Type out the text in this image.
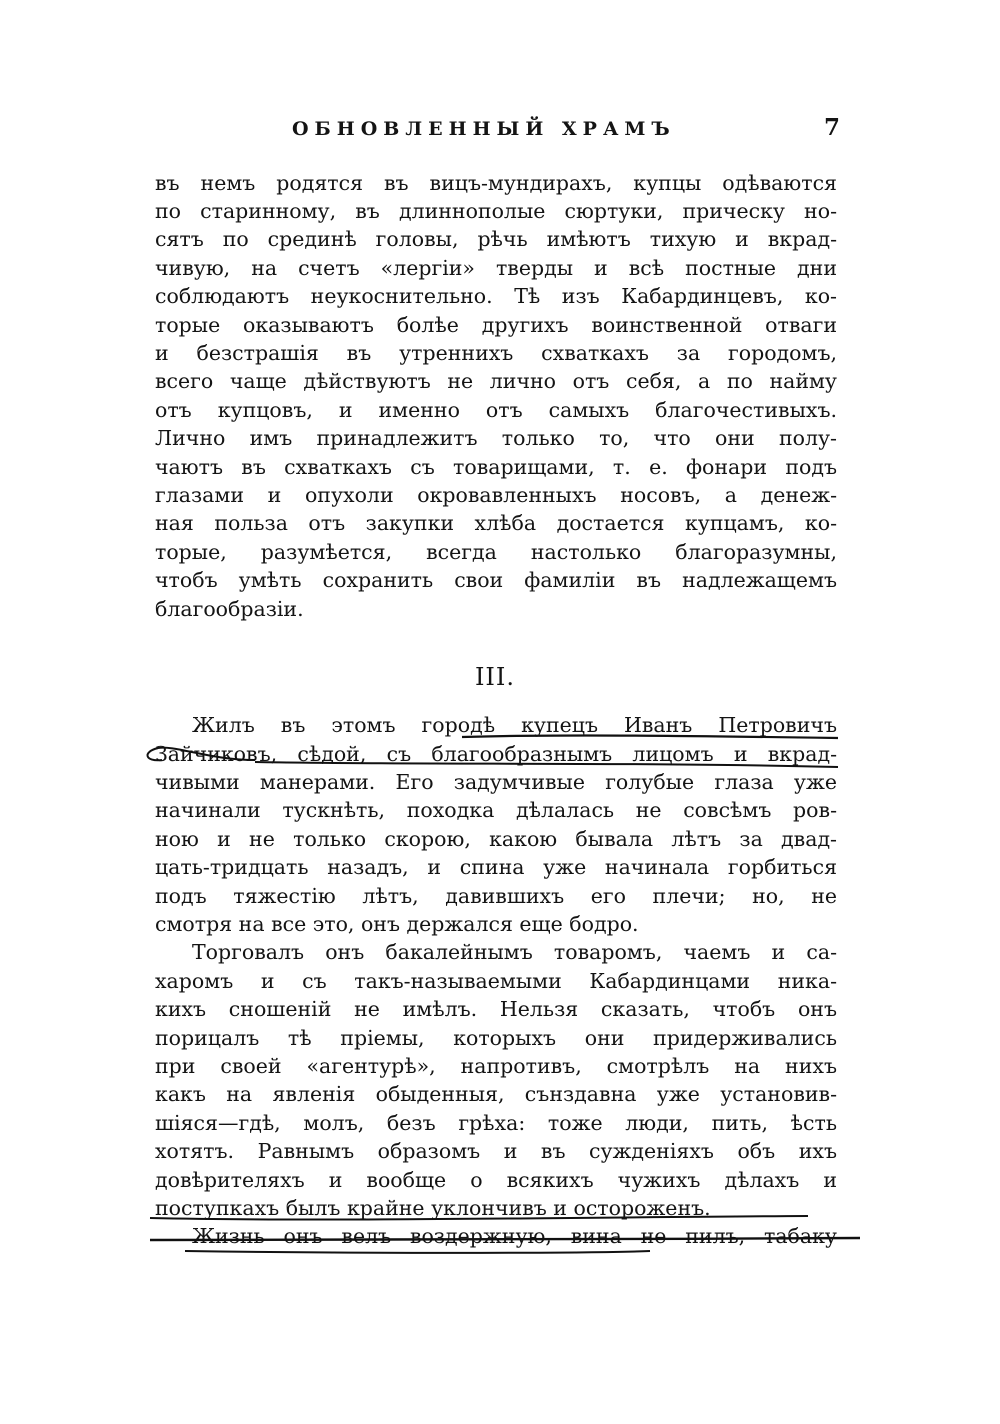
ОБНОВЛЕННЫЙ ХРАМЪ	7
въ немъ родятся въ вицъ-мундирахъ, купцы одѣваются
по старинному, въ длиннополые сюртуки, прическу но-
сятъ по срединѣ головы, рѣчь имѣютъ тихую и вкрад-
чивую, на счетъ «лергіи» тверды и всѣ постные дни
соблюдаютъ неукоснительно. Тѣ изъ Кабардинцевъ, ко-
торые оказываютъ болѣе другихъ воинственной отваги
и безстрашія въ утреннихъ схваткахъ за городомъ,
всего чаще дѣйствуютъ не лично отъ себя, а по найму
отъ купцовъ, и именно отъ самыхъ благочестивыхъ.
Лично имъ принадлежитъ только то, что они полу-
чаютъ въ схваткахъ съ товарищами, т. е. фонари подъ
глазами и опухоли окровавленныхъ носовъ, а денеж-
ная польза отъ закупки хлѣба достается купцамъ, ко-
торые, разумѣется, всегда настолько благоразумны,
чтобъ умѣть сохранить свои фамиліи въ надлежащемъ
благообразіи.
III.
Жилъ въ этомъ городѣ купецъ Иванъ Петровичъ
Зайчиковъ, сѣдой, съ благообразнымъ лицомъ и вкрад-
чивыми манерами. Его задумчивые голубые глаза уже
начинали тускнѣть, походка дѣлалась не совсѣмъ ров-
ною и не только скорою, какою бывала лѣтъ за двад-
цать-тридцать назадъ, и спина уже начинала горбиться
подъ тяжестію лѣтъ, давившихъ его плечи; но, не
смотря на все это, онъ держался еще бодро.
Торговалъ онъ бакалейнымъ товаромъ, чаемъ и са-
харомъ и съ такъ-называемыми Кабардинцами ника-
кихъ сношеній не имѣлъ. Нельзя сказать, чтобъ онъ
порицалъ тѣ пріемы, которыхъ они придерживались
при своей «агентурѣ», напротивъ, смотрѣлъ на нихъ
какъ на явленія обыденныя, сънздавна уже установив-
шіяся—гдѣ, молъ, безъ грѣха: тоже люди, пить, ѣсть
хотятъ. Равнымъ образомъ и въ сужденіяхъ объ ихъ
довѣрителяхъ и вообще о всякихъ чужихъ дѣлахъ и
поступкахъ былъ крайне уклончивъ и остороженъ.
Жизнь онъ велъ воздержную, вина не пилъ, табаку
